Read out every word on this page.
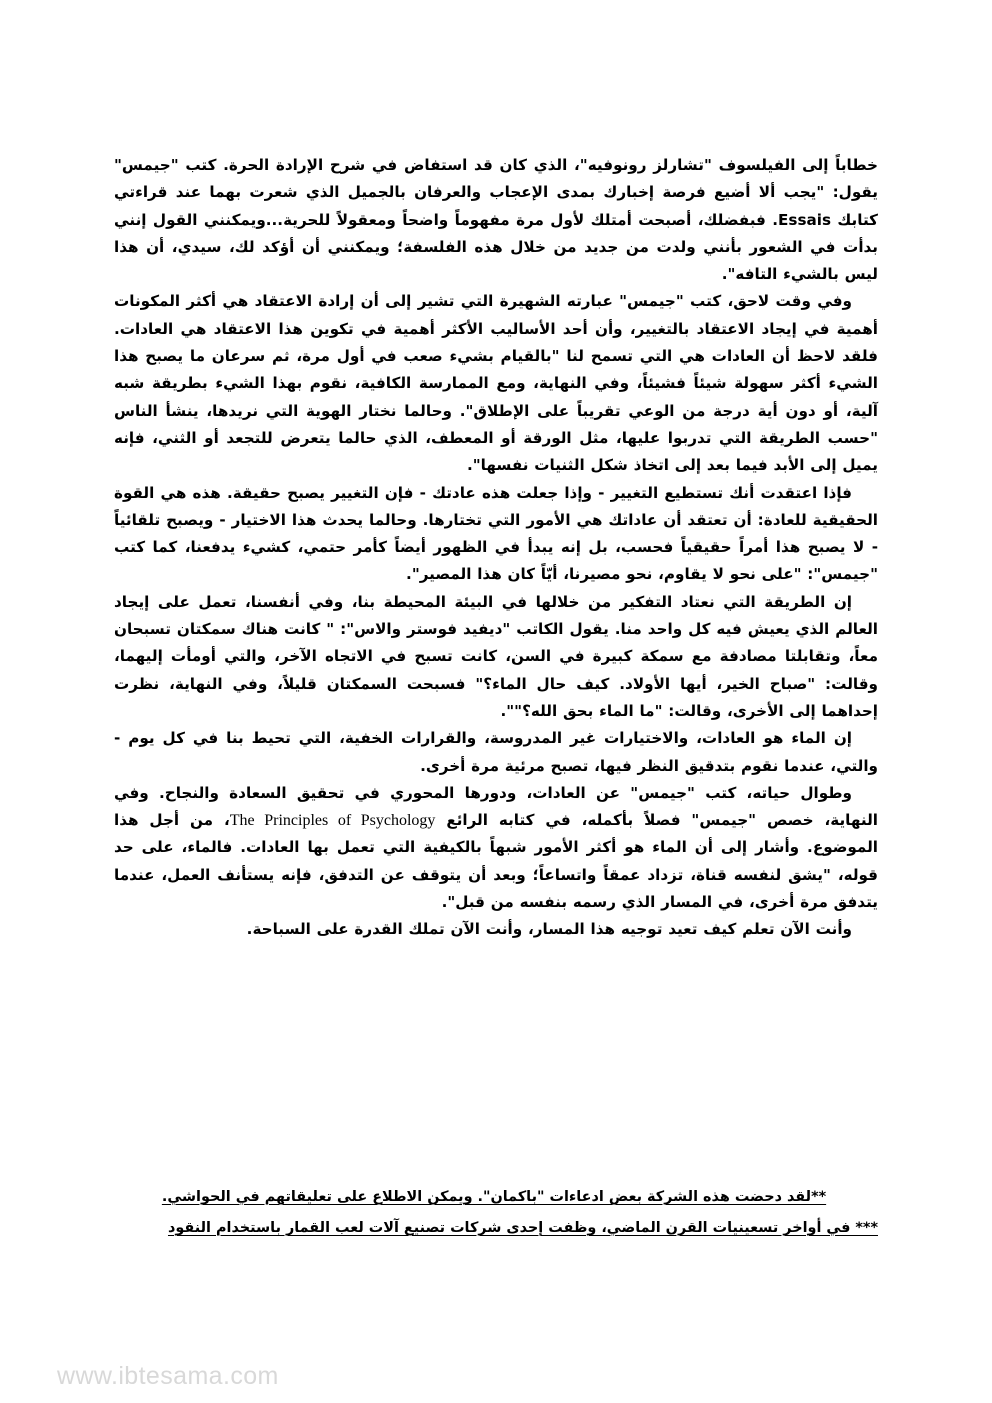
خطاباً إلى الفيلسوف "تشارلز رونوفيه"، الذي كان قد استفاض في شرح الإرادة الحرة. كتب "جيمس" يقول: "يجب ألا أضيع فرصة إخبارك بمدى الإعجاب والعرفان بالجميل الذي شعرت بهما عند قراءتي كتابك Essais. فبفضلك، أصبحت أمتلك لأول مرة مفهوماً واضحاً ومعقولاً للحرية...ويمكنني القول إنني بدأت في الشعور بأنني ولدت من جديد من خلال هذه الفلسفة؛ ويمكنني أن أؤكد لك، سيدي، أن هذا ليس بالشيء التافه".

وفي وقت لاحق، كتب "جيمس" عبارته الشهيرة التي تشير إلى أن إرادة الاعتقاد هي أكثر المكونات أهمية في إيجاد الاعتقاد بالتغيير، وأن أحد الأساليب الأكثر أهمية في تكوين هذا الاعتقاد هي العادات. فلقد لاحظ أن العادات هي التي تسمح لنا "بالقيام بشيء صعب في أول مرة، ثم سرعان ما يصبح هذا الشيء أكثر سهولة شيئاً فشيئاً، وفي النهاية، ومع الممارسة الكافية، نقوم بهذا الشيء بطريقة شبه آلية، أو دون أية درجة من الوعي تقريباً على الإطلاق". وحالما نختار الهوية التي نريدها، ينشأ الناس "حسب الطريقة التي تدربوا عليها، مثل الورقة أو المعطف، الذي حالما يتعرض للتجعد أو الثني، فإنه يميل إلى الأبد فيما بعد إلى اتخاذ شكل الثنيات نفسها".

فإذا اعتقدت أنك تستطيع التغيير - وإذا جعلت هذه عادتك - فإن التغيير يصبح حقيقة. هذه هي القوة الحقيقية للعادة: أن تعتقد أن عاداتك هي الأمور التي تختارها. وحالما يحدث هذا الاختيار - ويصبح تلقائياً - لا يصبح هذا أمراً حقيقياً فحسب، بل إنه يبدأ في الظهور أيضاً كأمر حتمي، كشيء يدفعنا، كما كتب "جيمس": "على نحو لا يقاوم، نحو مصيرنا، أيّاً كان هذا المصير".

إن الطريقة التي نعتاد التفكير من خلالها في البيئة المحيطة بنا، وفي أنفسنا، تعمل على إيجاد العالم الذي يعيش فيه كل واحد منا. يقول الكاتب "ديفيد فوستر والاس": " كانت هناك سمكتان تسبحان معاً، وتقابلتا مصادفة مع سمكة كبيرة في السن، كانت تسبح في الاتجاه الآخر، والتي أومأت إليهما، وقالت: "صباح الخير، أيها الأولاد. كيف حال الماء؟" فسبحت السمكتان قليلاً، وفي النهاية، نظرت إحداهما إلى الأخرى، وقالت: "ما الماء بحق الله؟"".

إن الماء هو العادات، والاختيارات غير المدروسة، والقرارات الخفية، التي تحيط بنا في كل يوم - والتي، عندما نقوم بتدقيق النظر فيها، تصبح مرئية مرة أخرى.

وطوال حياته، كتب "جيمس" عن العادات، ودورها المحوري في تحقيق السعادة والنجاح. وفي النهاية، خصص "جيمس" فصلاً بأكمله، في كتابه الرائع The Principles of Psychology، من أجل هذا الموضوع. وأشار إلى أن الماء هو أكثر الأمور شبهاً بالكيفية التي تعمل بها العادات. فالماء، على حد قوله، "يشق لنفسه قناة، تزداد عمقاً واتساعاً؛ وبعد أن يتوقف عن التدفق، فإنه يستأنف العمل، عندما يتدفق مرة أخرى، في المسار الذي رسمه بنفسه من قبل".

وأنت الآن تعلم كيف تعيد توجيه هذا المسار، وأنت الآن تملك القدرة على السباحة.

**لقد دحضت هذه الشركة بعض ادعاءات "باكمان". ويمكن الاطلاع على تعليقاتهم في الحواشي.

*** في أواخر تسعينيات القرن الماضي، وظفت إحدى شركات تصنيع آلات لعب القمار باستخدام النقود

www.ibtesama.com
